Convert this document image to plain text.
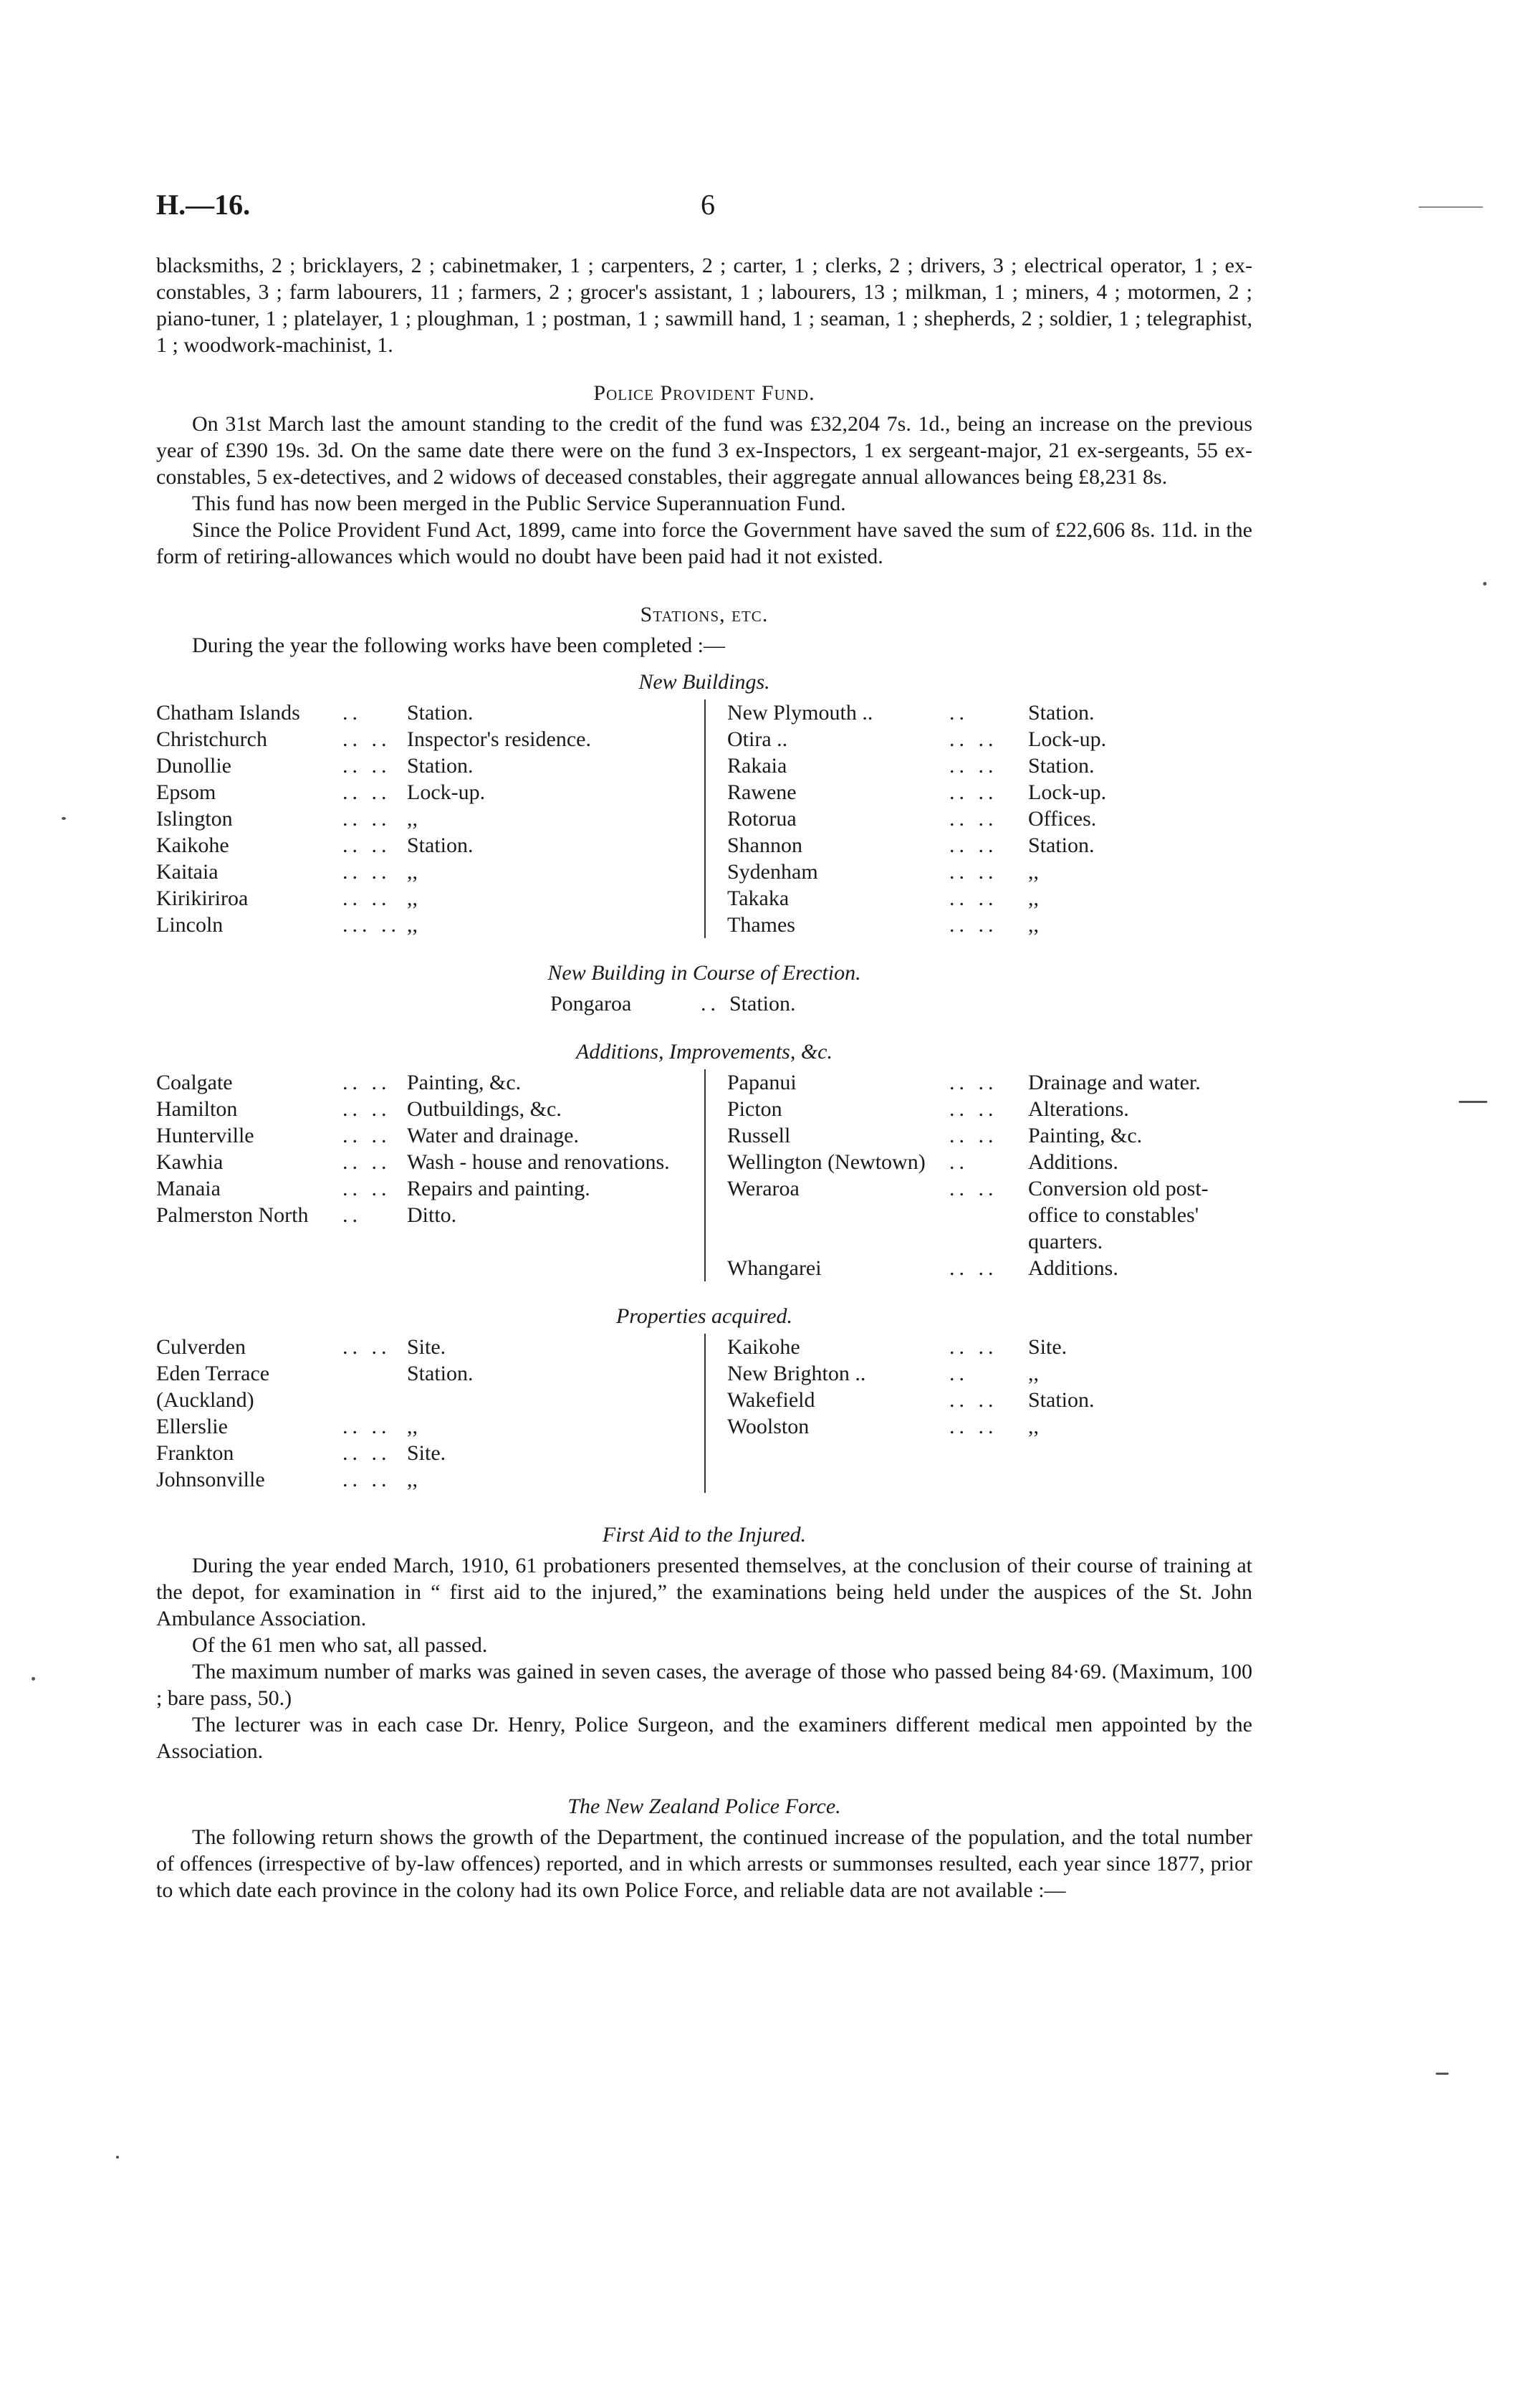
H.—16.	6

blacksmiths, 2 ; bricklayers, 2 ; cabinetmaker, 1 ; carpenters, 2 ; carter, 1 ; clerks, 2 ; drivers, 3 ; electrical operator, 1 ; ex-constables, 3 ; farm labourers, 11 ; farmers, 2 ; grocer's assistant, 1 ; labourers, 13 ; milkman, 1 ; miners, 4 ; motormen, 2 ; piano-tuner, 1 ; platelayer, 1 ; ploughman, 1 ; postman, 1 ; sawmill hand, 1 ; seaman, 1 ; shepherds, 2 ; soldier, 1 ; telegraphist, 1 ; woodwork-machinist, 1.

Police Provident Fund.

On 31st March last the amount standing to the credit of the fund was £32,204 7s. 1d., being an increase on the previous year of £390 19s. 3d. On the same date there were on the fund 3 ex-Inspectors, 1 ex sergeant-major, 21 ex-sergeants, 55 ex-constables, 5 ex-detectives, and 2 widows of deceased constables, their aggregate annual allowances being £8,231 8s.

This fund has now been merged in the Public Service Superannuation Fund.

Since the Police Provident Fund Act, 1899, came into force the Government have saved the sum of £22,606 8s. 11d. in the form of retiring-allowances which would no doubt have been paid had it not existed.

Stations, etc.

During the year the following works have been completed :—

New Buildings.
Chatham Islands	..	Station.
Christchurch	.. .. Inspector's residence.
Dunollie	.. .. Station.
Epsom	.. .. Lock-up.
Islington	.. .. ,,
Kaikohe	.. .. Station.
Kaitaia	.. .. ,,
Kirikiriroa	.. .. ,,
Lincoln	... .. ,,
New Plymouth ..	..	Station.
Otira ..	.. ..	Lock-up.
Rakaia	.. ..	Station.
Rawene	.. ..	Lock-up.
Rotorua	.. ..	Offices.
Shannon	.. ..	Station.
Sydenham	.. ..	,,
Takaka	.. ..	,,
Thames	.. ..	,,
New Building in Course of Erection.
Pongaroa	.. Station.
Additions, Improvements, &c.
Coalgate	.. .. Painting, &c.
Hamilton	.. .. Outbuildings, &c.
Hunterville	.. .. Water and drainage.
Kawhia	.. .. Wash - house and renovations.
Manaia	.. .. Repairs and painting.
Palmerston North	..	Ditto.
Papanui	.. ..	Drainage and water.
Picton	.. ..	Alterations.
Russell	.. ..	Painting, &c.
Wellington (Newtown)	..	Additions.
Weraroa	.. ..	Conversion old post-office to constables' quarters.
Whangarei	.. ..	Additions.
Properties acquired.
Culverden	.. .. Site.
Eden Terrace (Auckland)
Station.
Ellerslie	.. .. ,,
Frankton	.. .. Site.
Johnsonville	.. .. ,,
Kaikohe	.. ..	Site.
New Brighton ..	..	,,
Wakefield	.. ..	Station.
Woolston	.. ..	,,
First Aid to the Injured.

During the year ended March, 1910, 61 probationers presented themselves, at the conclusion of their course of training at the depot, for examination in “ first aid to the injured,” the examinations being held under the auspices of the St. John Ambulance Association.

Of the 61 men who sat, all passed.

The maximum number of marks was gained in seven cases, the average of those who passed being 84·69. (Maximum, 100 ; bare pass, 50.)

The lecturer was in each case Dr. Henry, Police Surgeon, and the examiners different medical men appointed by the Association.

The New Zealand Police Force.

The following return shows the growth of the Department, the continued increase of the population, and the total number of offences (irrespective of by-law offences) reported, and in which arrests or summonses resulted, each year since 1877, prior to which date each province in the colony had its own Police Force, and reliable data are not available :—
